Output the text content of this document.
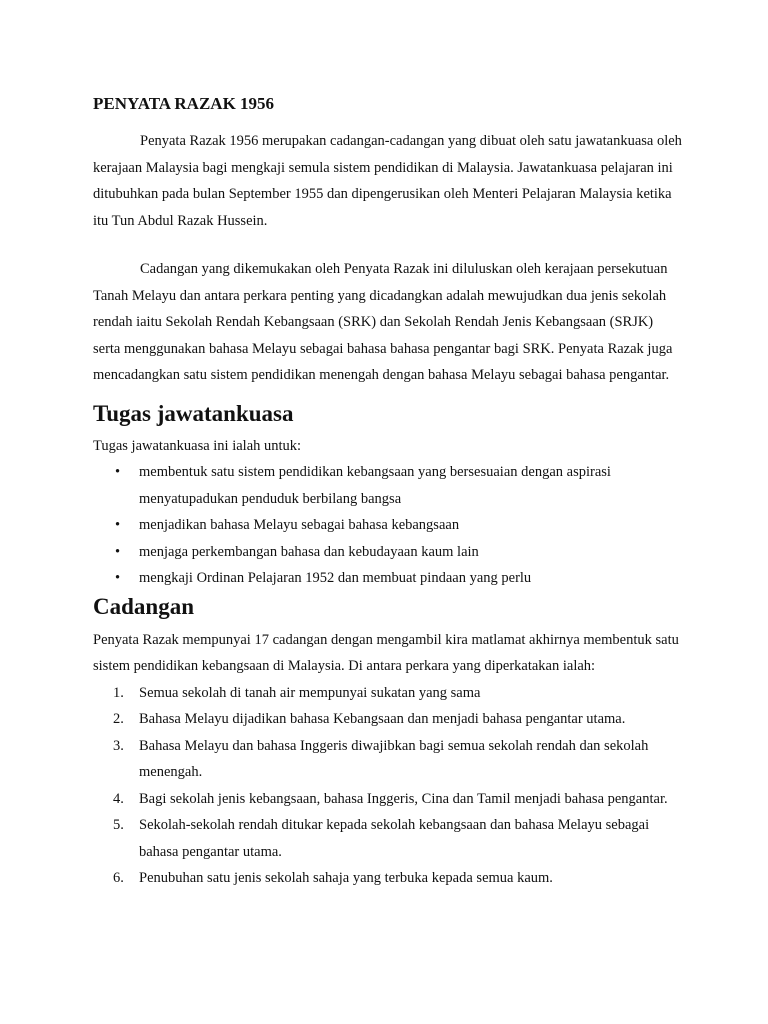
PENYATA RAZAK 1956

Penyata Razak 1956 merupakan cadangan-cadangan yang dibuat oleh satu jawatankuasa oleh kerajaan Malaysia bagi mengkaji semula sistem pendidikan di Malaysia. Jawatankuasa pelajaran ini ditubuhkan pada bulan September 1955 dan dipengerusikan oleh Menteri Pelajaran Malaysia ketika itu Tun Abdul Razak Hussein.

Cadangan yang dikemukakan oleh Penyata Razak ini diluluskan oleh kerajaan persekutuan Tanah Melayu dan antara perkara penting yang dicadangkan adalah mewujudkan dua jenis sekolah rendah iaitu Sekolah Rendah Kebangsaan (SRK) dan Sekolah Rendah Jenis Kebangsaan (SRJK) serta menggunakan bahasa Melayu sebagai bahasa bahasa pengantar bagi SRK. Penyata Razak juga mencadangkan satu sistem pendidikan menengah dengan bahasa Melayu sebagai bahasa pengantar.

Tugas jawatankuasa

Tugas jawatankuasa ini ialah untuk:

• membentuk satu sistem pendidikan kebangsaan yang bersesuaian dengan aspirasi menyatupadukan penduduk berbilang bangsa
• menjadikan bahasa Melayu sebagai bahasa kebangsaan
• menjaga perkembangan bahasa dan kebudayaan kaum lain
• mengkaji Ordinan Pelajaran 1952 dan membuat pindaan yang perlu
Cadangan

Penyata Razak mempunyai 17 cadangan dengan mengambil kira matlamat akhirnya membentuk satu sistem pendidikan kebangsaan di Malaysia. Di antara perkara yang diperkatakan ialah:

1. Semua sekolah di tanah air mempunyai sukatan yang sama
2. Bahasa Melayu dijadikan bahasa Kebangsaan dan menjadi bahasa pengantar utama.
3. Bahasa Melayu dan bahasa Inggeris diwajibkan bagi semua sekolah rendah dan sekolah menengah.
4. Bagi sekolah jenis kebangsaan, bahasa Inggeris, Cina dan Tamil menjadi bahasa pengantar.
5. Sekolah-sekolah rendah ditukar kepada sekolah kebangsaan dan bahasa Melayu sebagai bahasa pengantar utama.
6. Penubuhan satu jenis sekolah sahaja yang terbuka kepada semua kaum.
